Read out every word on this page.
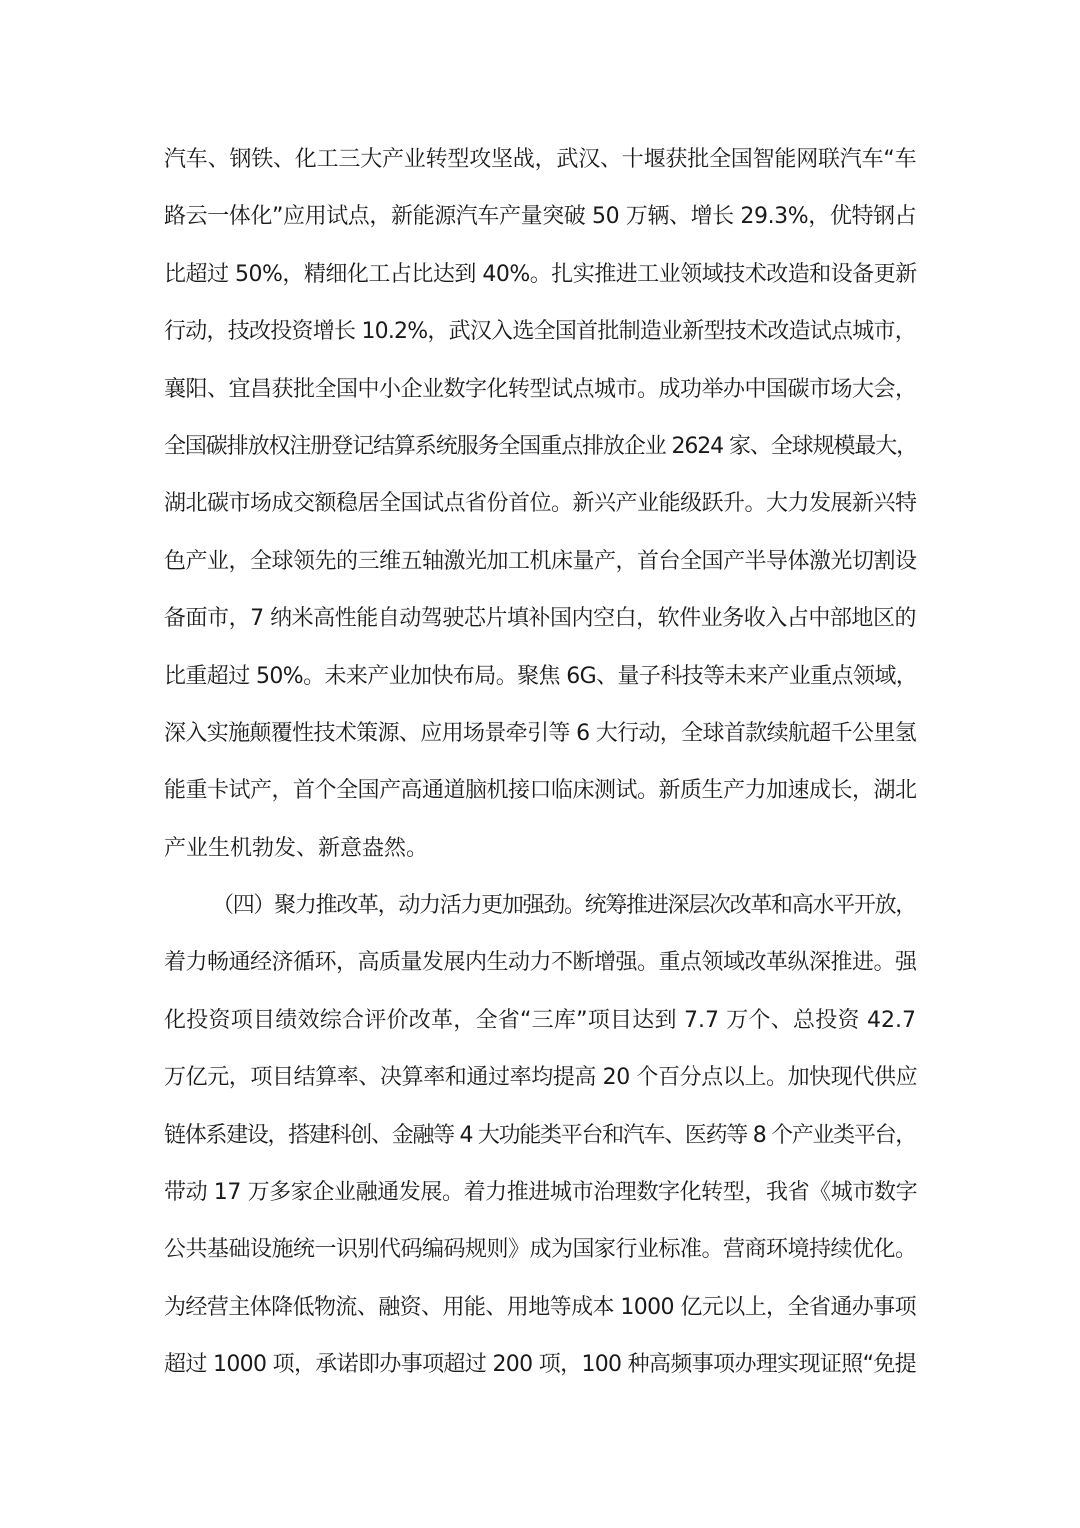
汽车、钢铁、化工三大产业转型攻坚战，武汉、十堰获批全国智能网联汽车“车
路云一体化”应用试点，新能源汽车产量突破 50 万辆、增长 29.3%，优特钢占
比超过 50%，精细化工占比达到 40%。扎实推进工业领域技术改造和设备更新
行动，技改投资增长 10.2%，武汉入选全国首批制造业新型技术改造试点城市，
襄阳、宜昌获批全国中小企业数字化转型试点城市。成功举办中国碳市场大会，
全国碳排放权注册登记结算系统服务全国重点排放企业 2624 家、全球规模最大，
湖北碳市场成交额稳居全国试点省份首位。新兴产业能级跃升。大力发展新兴特
色产业，全球领先的三维五轴激光加工机床量产，首台全国产半导体激光切割设
备面市，7 纳米高性能自动驾驶芯片填补国内空白，软件业务收入占中部地区的
比重超过 50%。未来产业加快布局。聚焦 6G、量子科技等未来产业重点领域，
深入实施颠覆性技术策源、应用场景牵引等 6 大行动，全球首款续航超千公里氢
能重卡试产，首个全国产高通道脑机接口临床测试。新质生产力加速成长，湖北
产业生机勃发、新意盎然。
（四）聚力推改革，动力活力更加强劲。统筹推进深层次改革和高水平开放，
着力畅通经济循环，高质量发展内生动力不断增强。重点领域改革纵深推进。强
化投资项目绩效综合评价改革，全省“三库”项目达到 7.7 万个、总投资 42.7
万亿元，项目结算率、决算率和通过率均提高 20 个百分点以上。加快现代供应
链体系建设，搭建科创、金融等 4 大功能类平台和汽车、医药等 8 个产业类平台，
带动 17 万多家企业融通发展。着力推进城市治理数字化转型，我省《城市数字
公共基础设施统一识别代码编码规则》成为国家行业标准。营商环境持续优化。
为经营主体降低物流、融资、用能、用地等成本 1000 亿元以上，全省通办事项
超过 1000 项，承诺即办事项超过 200 项，100 种高频事项办理实现证照“免提
